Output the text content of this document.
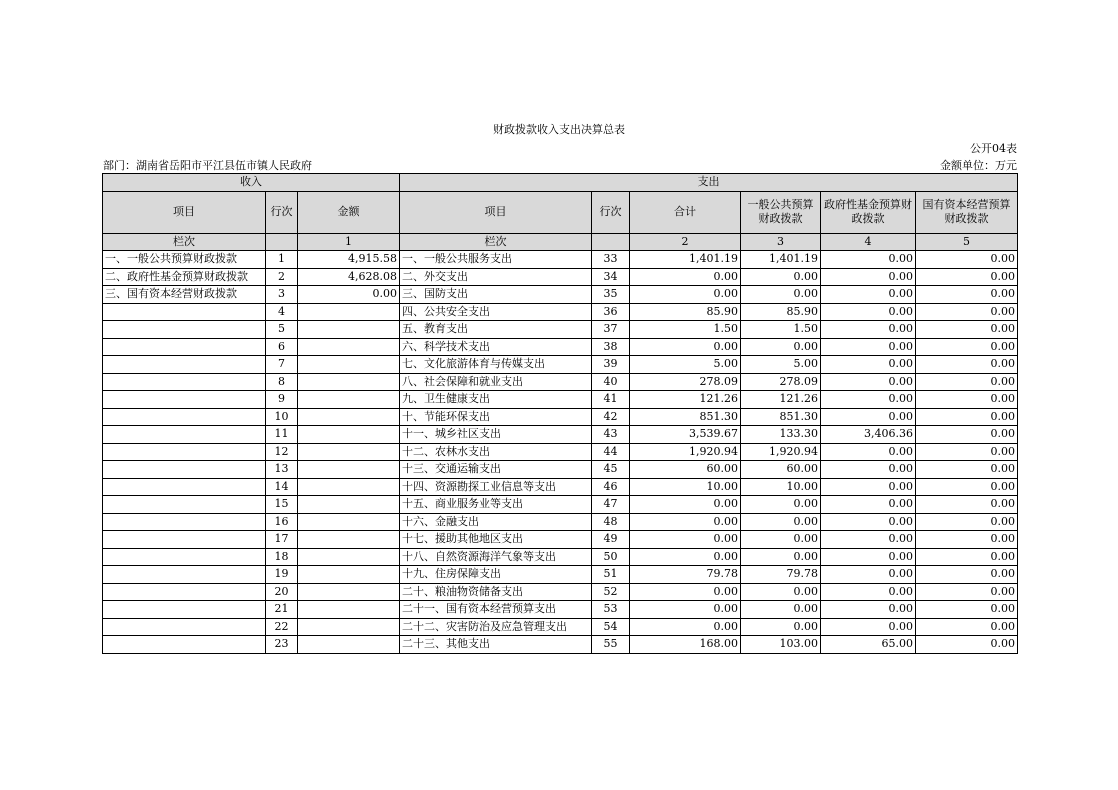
财政拨款收入支出决算总表
公开04表
部门：湖南省岳阳市平江县伍市镇人民政府	金额单位：万元
收入			支出					
项目	行次	金额	项目	行次	合计	一般公共预算财政拨款	政府性基金预算财政拨款	国有资本经营预算财政拨款
栏次		1	栏次		2	3	4	5
一、一般公共预算财政拨款	1	4,915.58	一、一般公共服务支出	33	1,401.19	1,401.19	0.00	0.00
二、政府性基金预算财政拨款	2	4,628.08	二、外交支出	34	0.00	0.00	0.00	0.00
三、国有资本经营财政拨款	3	0.00	三、国防支出	35	0.00	0.00	0.00	0.00
	4		四、公共安全支出	36	85.90	85.90	0.00	0.00
	5		五、教育支出	37	1.50	1.50	0.00	0.00
	6		六、科学技术支出	38	0.00	0.00	0.00	0.00
	7		七、文化旅游体育与传媒支出	39	5.00	5.00	0.00	0.00
	8		八、社会保障和就业支出	40	278.09	278.09	0.00	0.00
	9		九、卫生健康支出	41	121.26	121.26	0.00	0.00
	10		十、节能环保支出	42	851.30	851.30	0.00	0.00
	11		十一、城乡社区支出	43	3,539.67	133.30	3,406.36	0.00
	12		十二、农林水支出	44	1,920.94	1,920.94	0.00	0.00
	13		十三、交通运输支出	45	60.00	60.00	0.00	0.00
	14		十四、资源勘探工业信息等支出	46	10.00	10.00	0.00	0.00
	15		十五、商业服务业等支出	47	0.00	0.00	0.00	0.00
	16		十六、金融支出	48	0.00	0.00	0.00	0.00
	17		十七、援助其他地区支出	49	0.00	0.00	0.00	0.00
	18		十八、自然资源海洋气象等支出	50	0.00	0.00	0.00	0.00
	19		十九、住房保障支出	51	79.78	79.78	0.00	0.00
	20		二十、粮油物资储备支出	52	0.00	0.00	0.00	0.00
	21		二十一、国有资本经营预算支出	53	0.00	0.00	0.00	0.00
	22		二十二、灾害防治及应急管理支出	54	0.00	0.00	0.00	0.00
	23		二十三、其他支出	55	168.00	103.00	65.00	0.00
